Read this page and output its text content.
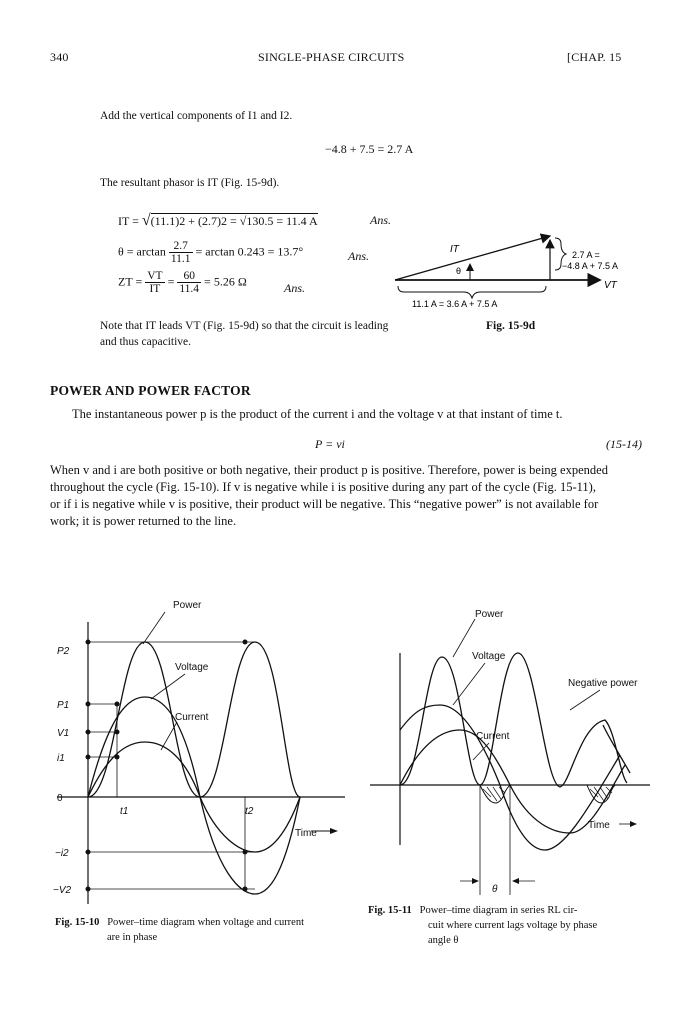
340	SINGLE-PHASE CIRCUITS	[CHAP. 15
Add the vertical components of I1 and I2.
−4.8 + 7.5 = 2.7 A
The resultant phasor is IT (Fig. 15-9d).
IT = √(11.1)2 + (2.7)2 = √130.5 = 11.4 A	Ans.
$\theta = \arctan \frac{2.7}{11.1} = \arctan 0.243 = 13.7^\circ$	Ans.
ZT = $\frac{VT}{IT} = \frac{60}{11.4} = 5.26$ Ω	Ans.
Note that IT leads VT (Fig. 15-9d) so that the circuit is leading
and thus capacitive.
IT
θ
2.7 A =
−4.8 A + 7.5 A
VT
11.1 A = 3.6 A + 7.5 A
Fig. 15-9d
POWER AND POWER FACTOR
The instantaneous power p is the product of the current i and the voltage v at that instant of time t.
P = vi	(15-14)
When v and i are both positive or both negative, their product p is positive. Therefore, power is being expended
throughout the cycle (Fig. 15-10). If v is negative while i is positive during any part of the cycle (Fig. 15-11),
or if i is negative while v is positive, their product will be negative. This “negative power” is not available for
work; it is power returned to the line.
Power
Voltage
Current
Time
P2
P1
V1
i1
0
t1	t2
−i2
−V2
Fig. 15-10 Power–time diagram when voltage and current
are in phase
Power
Voltage
Negative power
Current
Time
θ
Fig. 15-11 Power–time diagram in series RL cir-
cuit where current lags voltage by phase
angle θ
